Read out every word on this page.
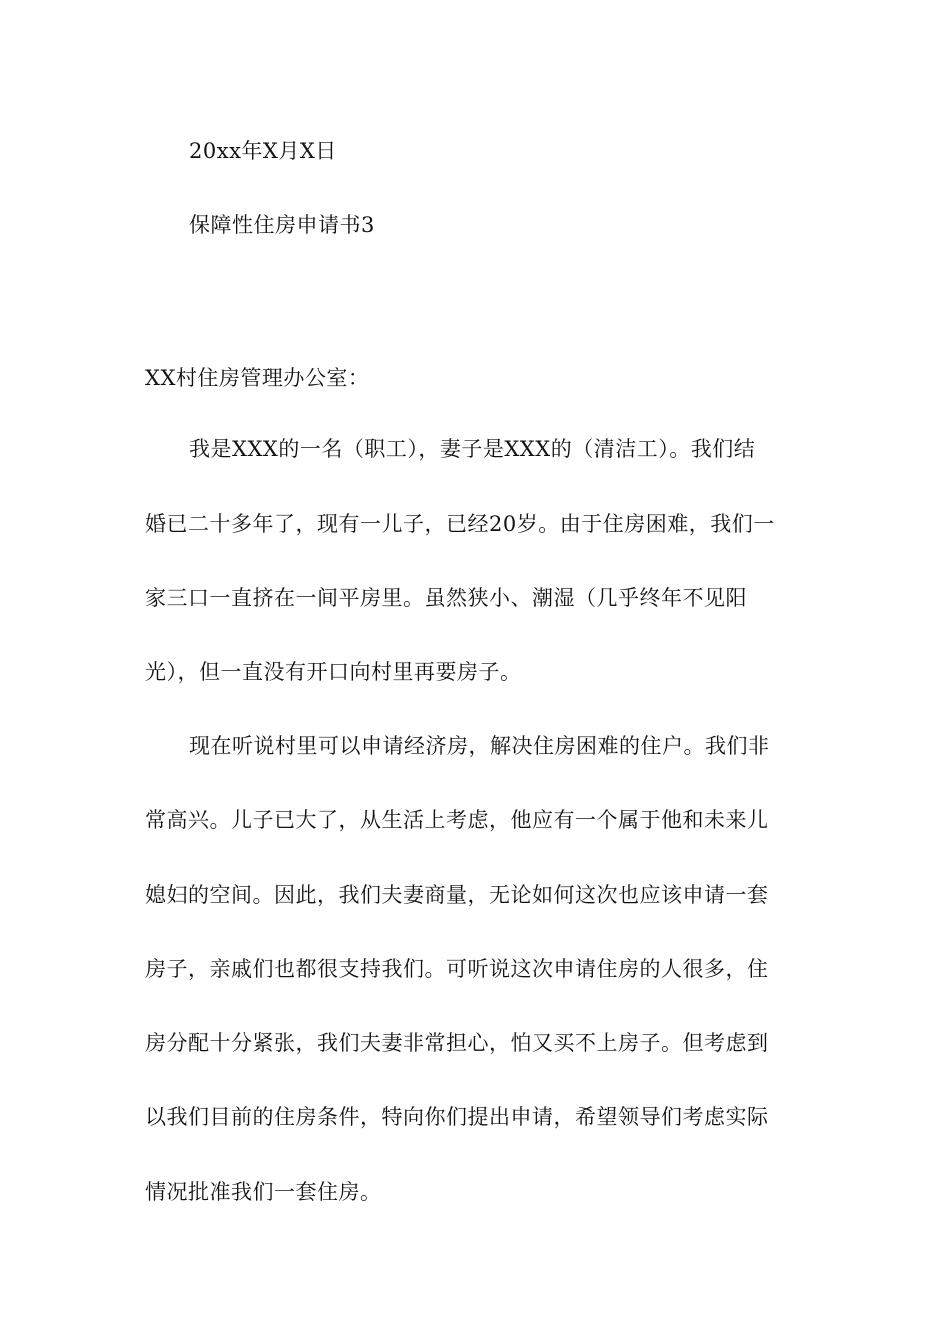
20xx年X月X日
保障性住房申请书3
XX村住房管理办公室：
我是XXX的一名（职工），妻子是XXX的（清洁工）。我们结
婚已二十多年了，现有一儿子，已经20岁。由于住房困难，我们一
家三口一直挤在一间平房里。虽然狭小、潮湿（几乎终年不见阳
光），但一直没有开口向村里再要房子。
现在听说村里可以申请经济房，解决住房困难的住户。我们非
常高兴。儿子已大了，从生活上考虑，他应有一个属于他和未来儿
媳妇的空间。因此，我们夫妻商量，无论如何这次也应该申请一套
房子，亲戚们也都很支持我们。可听说这次申请住房的人很多，住
房分配十分紧张，我们夫妻非常担心，怕又买不上房子。但考虑到
以我们目前的住房条件，特向你们提出申请，希望领导们考虑实际
情况批准我们一套住房。
